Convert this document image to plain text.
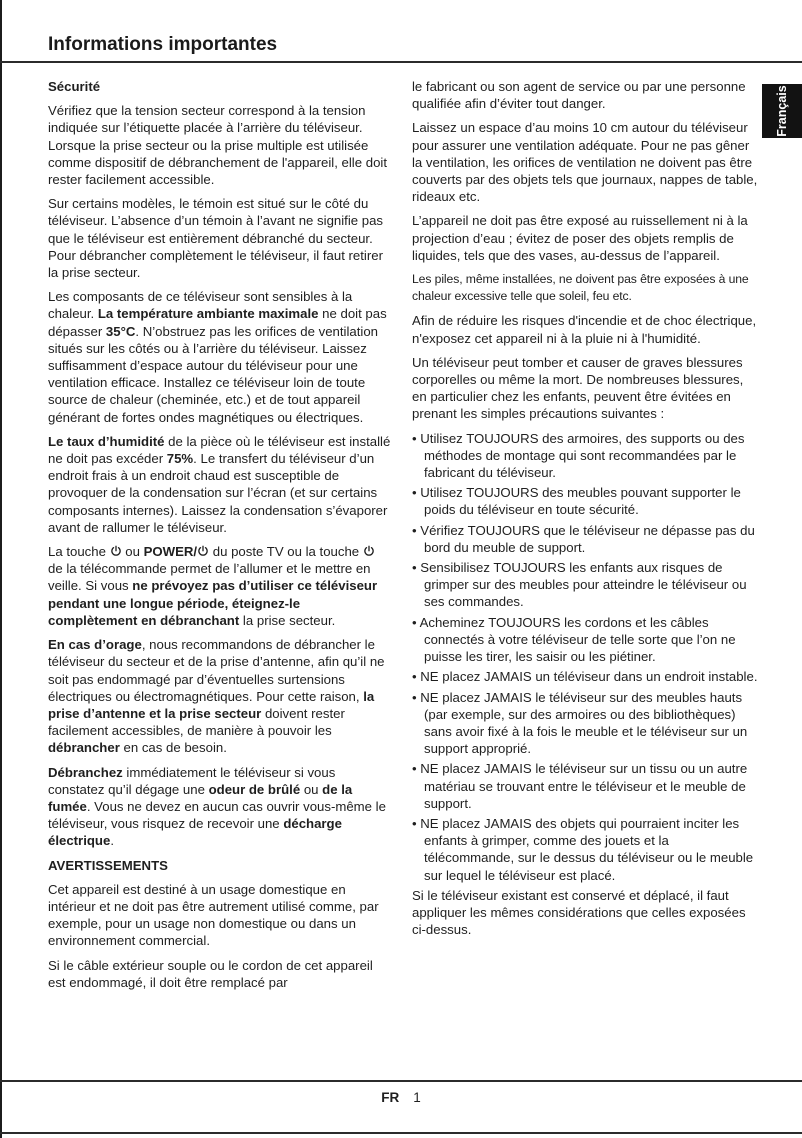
Informations importantes
Français
Sécurité
Vérifiez que la tension secteur correspond à la tension indiquée sur l’étiquette placée à l’arrière du téléviseur. Lorsque la prise secteur ou la prise multiple est utilisée comme dispositif de débranchement de l'appareil, elle doit rester facilement accessible.
Sur certains modèles, le témoin est situé sur le côté du téléviseur. L’absence d’un témoin à l’avant ne signifie pas que le téléviseur est entièrement débranché du secteur. Pour débrancher complètement le téléviseur, il faut retirer la prise secteur.
Les composants de ce téléviseur sont sensibles à la chaleur. La température ambiante maximale ne doit pas dépasser 35°C. N’obstruez pas les orifices de ventilation situés sur les côtés ou à l’arrière du téléviseur. Laissez suffisamment d’espace autour du téléviseur pour une ventilation efficace. Installez ce téléviseur loin de toute source de chaleur (cheminée, etc.) et de tout appareil générant de fortes ondes magnétiques ou électriques.
Le taux d’humidité de la pièce où le téléviseur est installé ne doit pas excéder 75%. Le transfert du téléviseur d’un endroit frais à un endroit chaud est susceptible de provoquer de la condensation sur l’écran (et sur certains composants internes). Laissez la condensation s’évaporer avant de rallumer le téléviseur.
La touche  ou POWER/ du poste TV ou la touche  de la télécommande permet de l’allumer et le mettre en veille. Si vous ne prévoyez pas d’utiliser ce téléviseur pendant une longue période, éteignez-le complètement en débranchant la prise secteur.
En cas d’orage, nous recommandons de débrancher le téléviseur du secteur et de la prise d’antenne, afin qu’il ne soit pas endommagé par d’éventuelles surtensions électriques ou électromagnétiques. Pour cette raison, la prise d’antenne et la prise secteur doivent rester facilement accessibles, de manière à pouvoir les débrancher en cas de besoin.
Débranchez immédiatement le téléviseur si vous constatez qu’il dégage une odeur de brûlé ou de la fumée. Vous ne devez en aucun cas ouvrir vous-même le téléviseur, vous risquez de recevoir une décharge électrique.
AVERTISSEMENTS
Cet appareil est destiné à un usage domestique en intérieur et ne doit pas être autrement utilisé comme, par exemple, pour un usage non domestique ou dans un environnement commercial.
Si le câble extérieur souple ou le cordon de cet appareil est endommagé, il doit être remplacé par
le fabricant ou son agent de service ou par une personne qualifiée afin d’éviter tout danger.
Laissez un espace d’au moins 10 cm autour du téléviseur pour assurer une ventilation adéquate. Pour ne pas gêner la ventilation, les orifices de ventilation ne doivent pas être couverts par des objets tels que journaux, nappes de table, rideaux etc.
L’appareil ne doit pas être exposé au ruissellement ni à la projection d’eau ; évitez de poser des objets remplis de liquides, tels que des vases, au-dessus de l’appareil.
Les piles, même installées, ne doivent pas être exposées à une chaleur excessive telle que soleil, feu etc.
Afin de réduire les risques d'incendie et de choc électrique, n'exposez cet appareil ni à la pluie ni à l'humidité.
Un téléviseur peut tomber et causer de graves blessures corporelles ou même la mort. De nombreuses blessures, en particulier chez les enfants, peuvent être évitées en prenant les simples précautions suivantes :
• Utilisez TOUJOURS des armoires, des supports ou des méthodes de montage qui sont recommandées par le fabricant du téléviseur.
• Utilisez TOUJOURS des meubles pouvant supporter le poids du téléviseur en toute sécurité.
• Vérifiez TOUJOURS que le téléviseur ne dépasse pas du bord du meuble de support.
• Sensibilisez TOUJOURS les enfants aux risques de grimper sur des meubles pour atteindre le téléviseur ou ses commandes.
• Acheminez TOUJOURS les cordons et les câbles connectés à votre téléviseur de telle sorte que l’on ne puisse les tirer, les saisir ou les piétiner.
• NE placez JAMAIS un téléviseur dans un endroit instable.
• NE placez JAMAIS le téléviseur sur des meubles hauts (par exemple, sur des armoires ou des bibliothèques) sans avoir fixé à la fois le meuble et le téléviseur sur un support approprié.
• NE placez JAMAIS le téléviseur sur un tissu ou un autre matériau se trouvant entre le téléviseur et le meuble de support.
• NE placez JAMAIS des objets qui pourraient inciter les enfants à grimper, comme des jouets et la télécommande, sur le dessus du téléviseur ou le meuble sur lequel le téléviseur est placé.
Si le téléviseur existant est conservé et déplacé, il faut appliquer les mêmes considérations que celles exposées ci-dessus.
FR 1
